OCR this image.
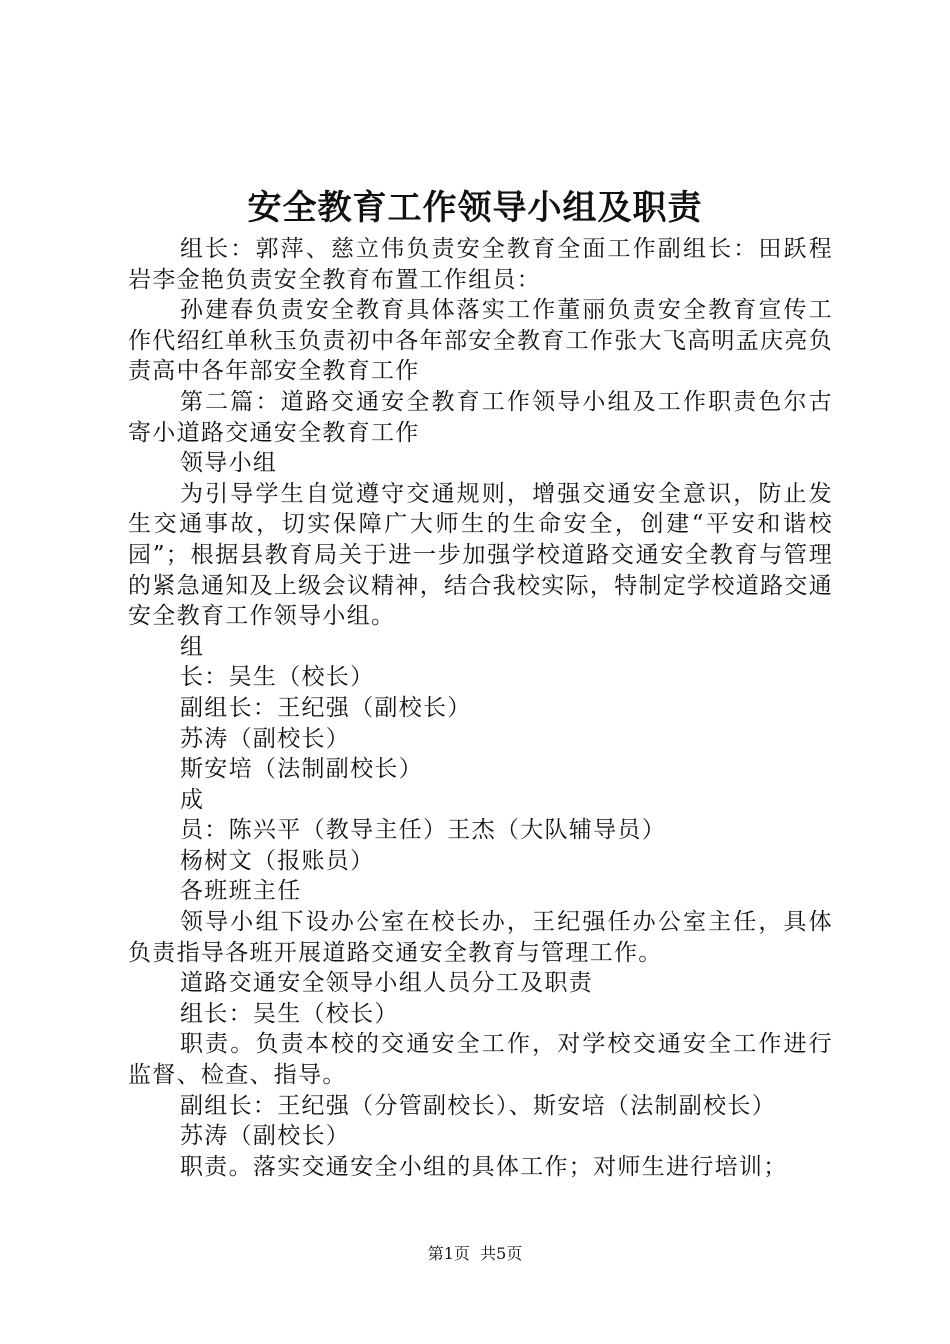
安全教育工作领导小组及职责

组长：郭萍、慈立伟负责安全教育全面工作副组长：田跃程岩李金艳负责安全教育布置工作组员：

孙建春负责安全教育具体落实工作董丽负责安全教育宣传工作代绍红单秋玉负责初中各年部安全教育工作张大飞高明孟庆亮负责高中各年部安全教育工作

第二篇：道路交通安全教育工作领导小组及工作职责色尔古寄小道路交通安全教育工作

领导小组

为引导学生自觉遵守交通规则，增强交通安全意识，防止发生交通事故，切实保障广大师生的生命安全，创建“平安和谐校园”；根据县教育局关于进一步加强学校道路交通安全教育与管理的紧急通知及上级会议精神，结合我校实际，特制定学校道路交通安全教育工作领导小组。

组

长：吴生（校长）

副组长：王纪强（副校长）

苏涛（副校长）

斯安培（法制副校长）

成

员：陈兴平（教导主任）王杰（大队辅导员）

杨树文（报账员）

各班班主任

领导小组下设办公室在校长办，王纪强任办公室主任，具体负责指导各班开展道路交通安全教育与管理工作。

道路交通安全领导小组人员分工及职责

组长：吴生（校长）

职责。负责本校的交通安全工作，对学校交通安全工作进行监督、检查、指导。

副组长：王纪强（分管副校长）、斯安培（法制副校长）

苏涛（副校长）

职责。落实交通安全小组的具体工作；对师生进行培训；

第1页 共5页
